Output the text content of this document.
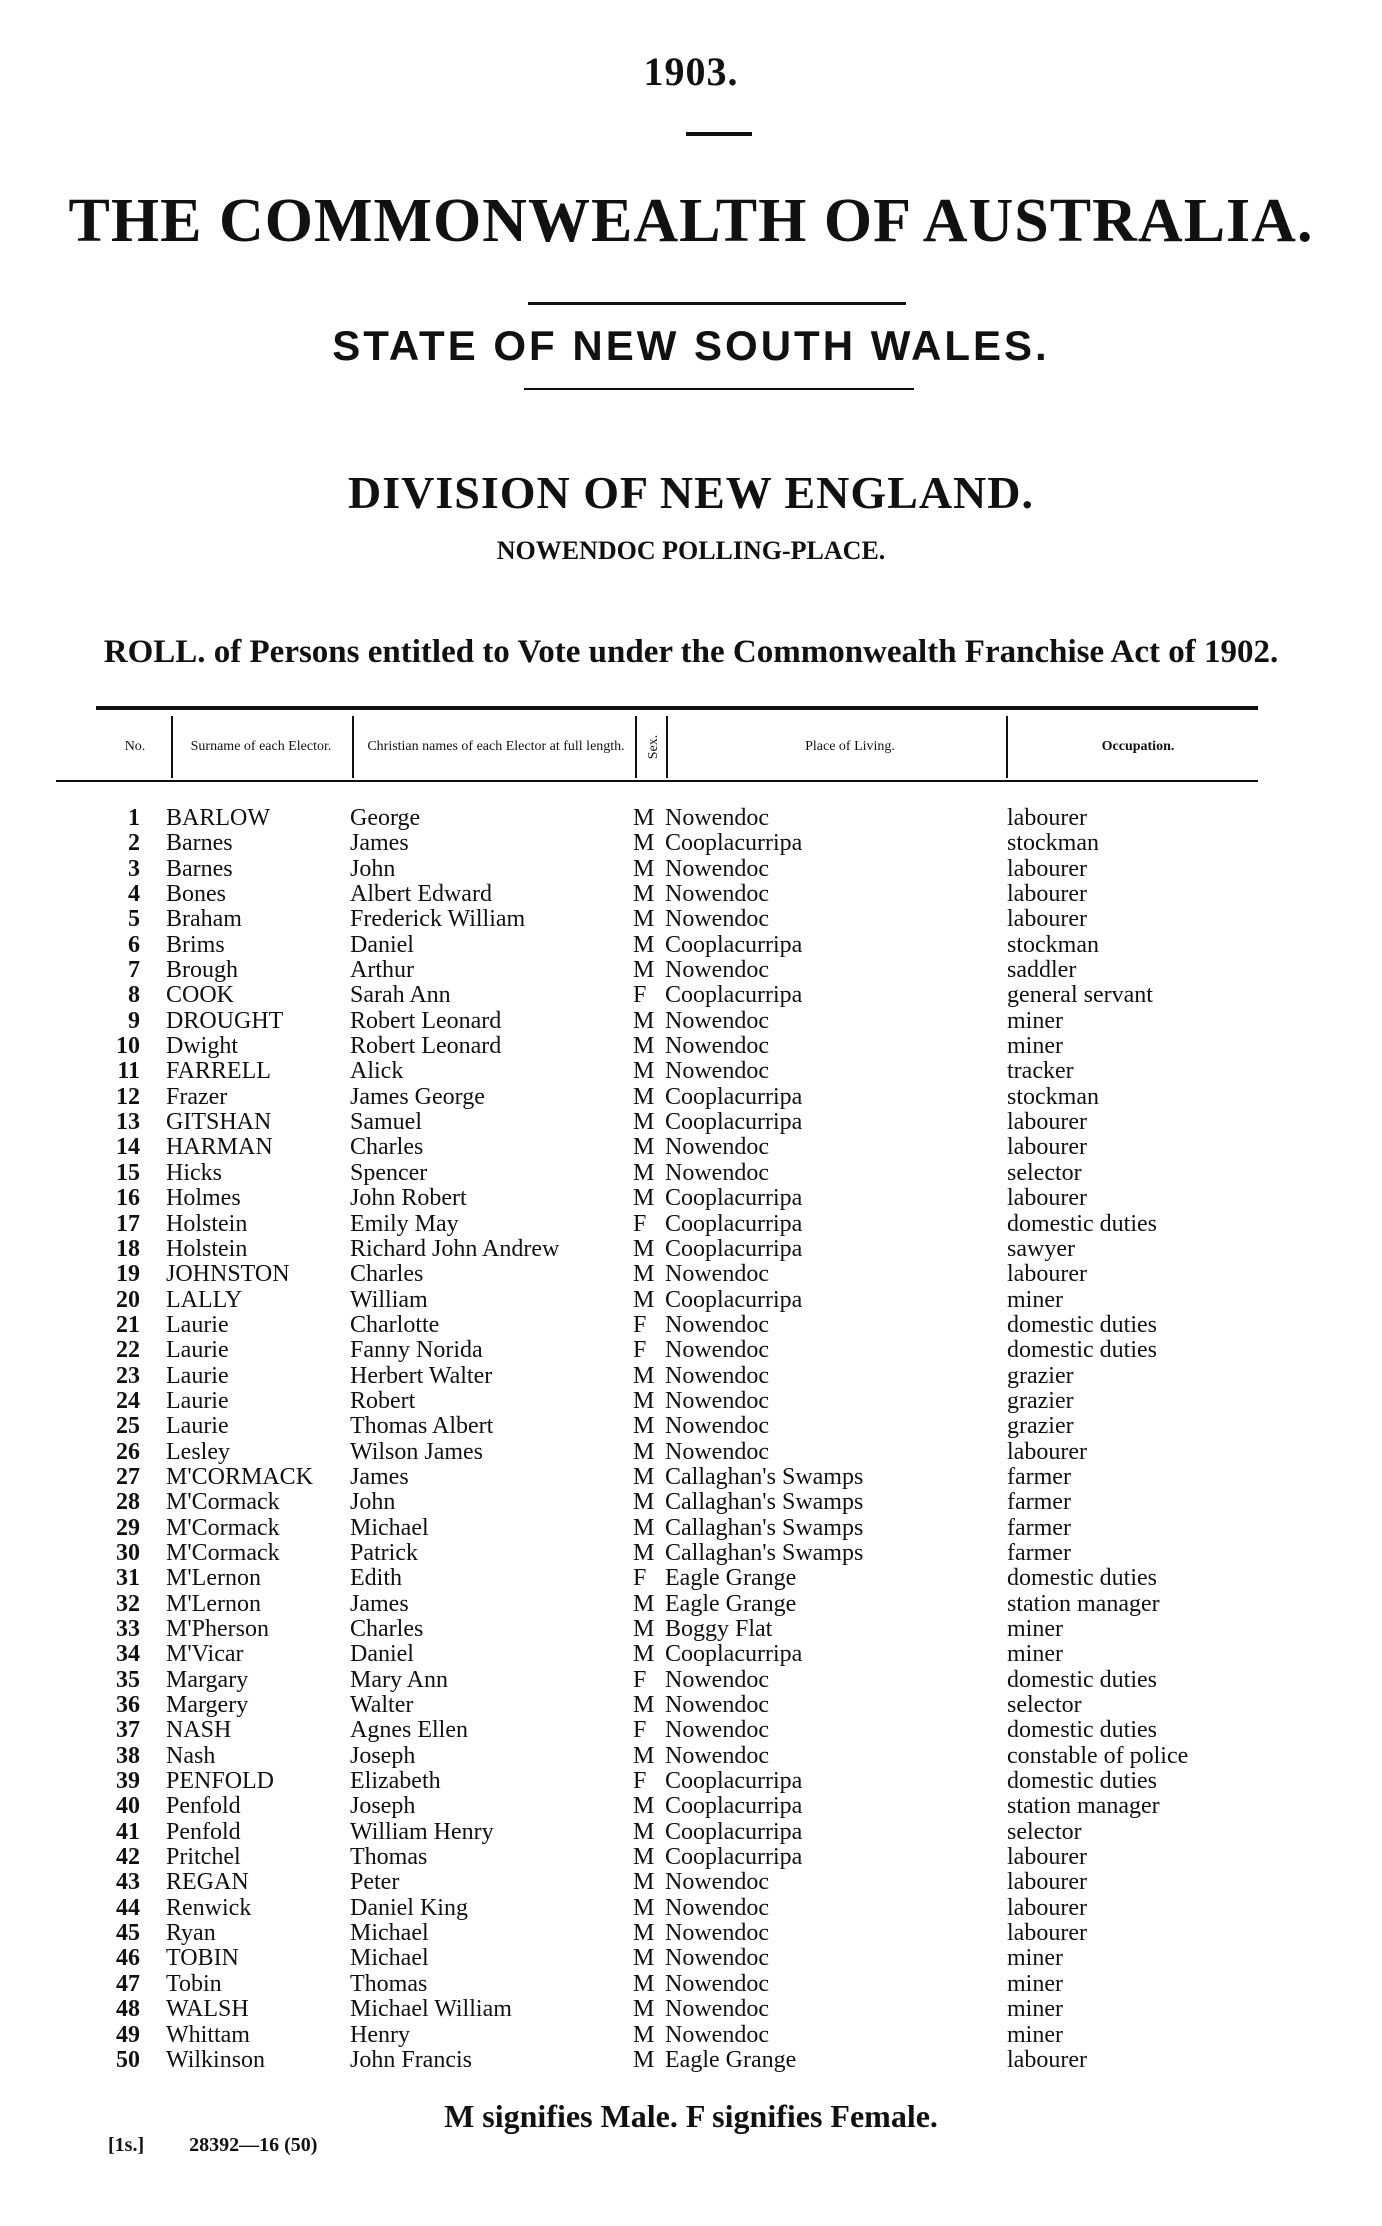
1903.
THE COMMONWEALTH OF AUSTRALIA.
STATE OF NEW SOUTH WALES.
DIVISION OF NEW ENGLAND.
NOWENDOC POLLING-PLACE.
ROLL. of Persons entitled to Vote under the Commonwealth Franchise Act of 1902.
No.	Surname of each Elector.	Christian names of each Elector at full length.	Sex.	Place of Living.	Occupation.
1 BARLOW	George	M Nowendoc	labourer
2 Barnes	James	M Cooplacurripa	stockman
3 Barnes	John	M Nowendoc	labourer
4 Bones	Albert Edward	M Nowendoc	labourer
5 Braham	Frederick William	M Nowendoc	labourer
6 Brims	Daniel	M Cooplacurripa	stockman
7 Brough	Arthur	M Nowendoc	saddler
8 COOK	Sarah Ann	F Cooplacurripa	general servant
9 DROUGHT	Robert Leonard	M Nowendoc	miner
10 Dwight	Robert Leonard	M Nowendoc	miner
11 FARRELL	Alick	M Nowendoc	tracker
12 Frazer	James George	M Cooplacurripa	stockman
13 GITSHAN	Samuel	M Cooplacurripa	labourer
14 HARMAN	Charles	M Nowendoc	labourer
15 Hicks	Spencer	M Nowendoc	selector
16 Holmes	John Robert	M Cooplacurripa	labourer
17 Holstein	Emily May	F Cooplacurripa	domestic duties
18 Holstein	Richard John Andrew	M Cooplacurripa	sawyer
19 JOHNSTON	Charles	M Nowendoc	labourer
20 LALLY	William	M Cooplacurripa	miner
21 Laurie	Charlotte	F Nowendoc	domestic duties
22 Laurie	Fanny Norida	F Nowendoc	domestic duties
23 Laurie	Herbert Walter	M Nowendoc	grazier
24 Laurie	Robert	M Nowendoc	grazier
25 Laurie	Thomas Albert	M Nowendoc	grazier
26 Lesley	Wilson James	M Nowendoc	labourer
27 M'CORMACK James	M Callaghan's Swamps	farmer
28 M'Cormack	John	M Callaghan's Swamps	farmer
29 M'Cormack	Michael	M Callaghan's Swamps	farmer
30 M'Cormack	Patrick	M Callaghan's Swamps	farmer
31 M'Lernon	Edith	F Eagle Grange	domestic duties
32 M'Lernon	James	M Eagle Grange	station manager
33 M'Pherson	Charles	M Boggy Flat	miner
34 M'Vicar	Daniel	M Cooplacurripa	miner
35 Margary	Mary Ann	F Nowendoc	domestic duties
36 Margery	Walter	M Nowendoc	selector
37 NASH	Agnes Ellen	F Nowendoc	domestic duties
38 Nash	Joseph	M Nowendoc	constable of police
39 PENFOLD	Elizabeth	F Cooplacurripa	domestic duties
40 Penfold	Joseph	M Cooplacurripa	station manager
41 Penfold	William Henry	M Cooplacurripa	selector
42 Pritchel	Thomas	M Cooplacurripa	labourer
43 REGAN	Peter	M Nowendoc	labourer
44 Renwick	Daniel King	M Nowendoc	labourer
45 Ryan	Michael	M Nowendoc	labourer
46 TOBIN	Michael	M Nowendoc	miner
47 Tobin	Thomas	M Nowendoc	miner
48 WALSH	Michael William	M Nowendoc	miner
49 Whittam	Henry	M Nowendoc	miner
50 Wilkinson	John Francis	M Eagle Grange	labourer
M signifies Male. F signifies Female.
[1s.] 28392—16 (50)
